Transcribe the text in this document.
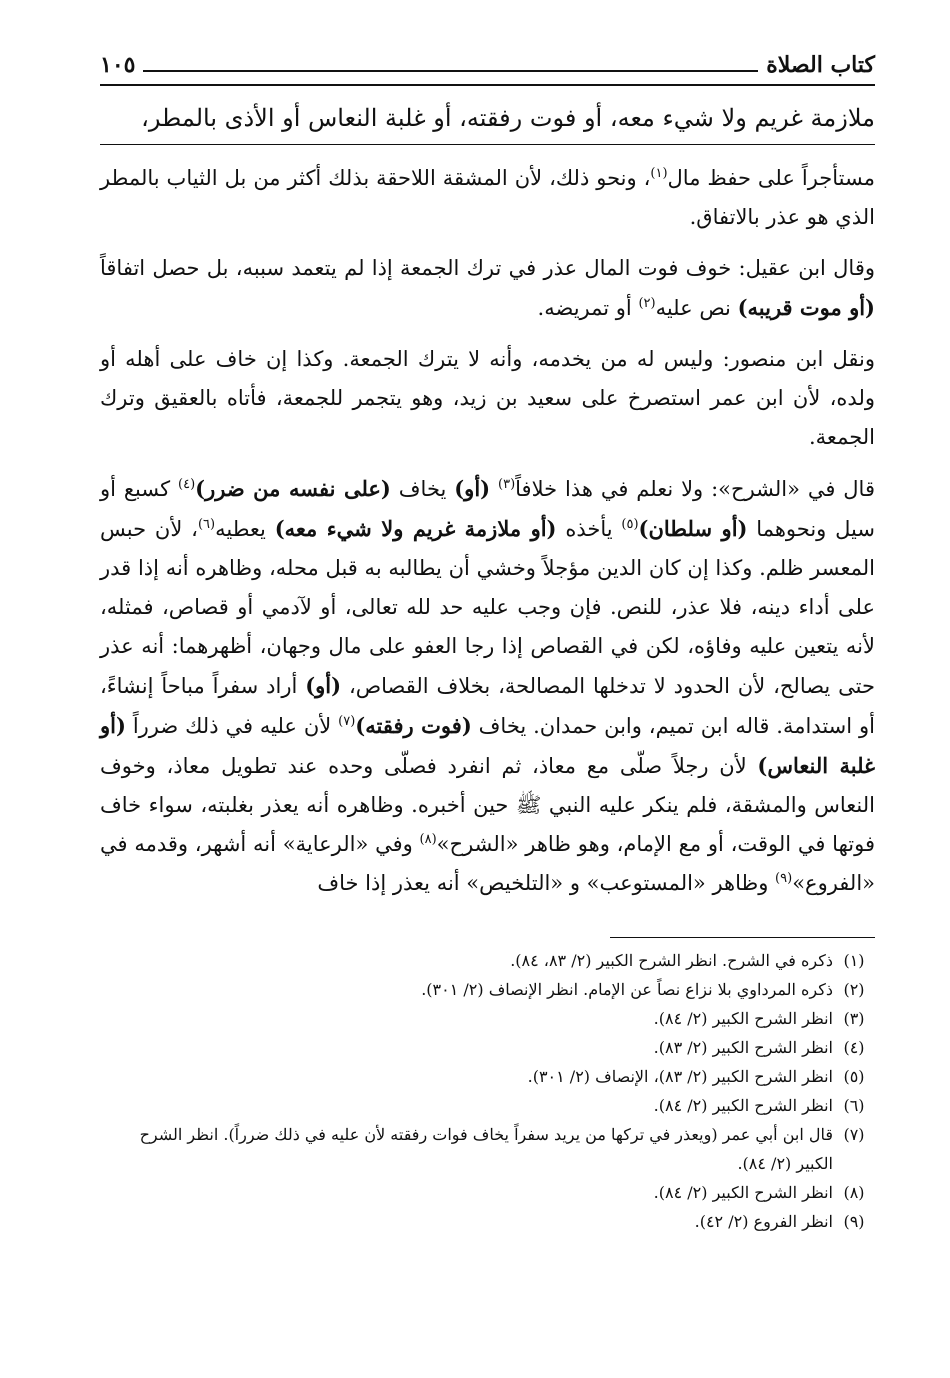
كتاب الصلاة
١٠٥
ملازمة غريم ولا شيء معه، أو فوت رفقته، أو غلبة النعاس أو الأذى بالمطر،

مستأجراً على حفظ مال$^{(١)}$، ونحو ذلك، لأن المشقة اللاحقة بذلك أكثر من بل الثياب بالمطر الذي هو عذر بالاتفاق.

وقال ابن عقيل: خوف فوت المال عذر في ترك الجمعة إذا لم يتعمد سببه، بل حصل اتفاقاً (أو موت قريبه) نص عليه$^{(٢)}$ أو تمريضه.

ونقل ابن منصور: وليس له من يخدمه، وأنه لا يترك الجمعة. وكذا إن خاف على أهله أو ولده، لأن ابن عمر استصرخ على سعيد بن زيد، وهو يتجمر للجمعة، فأتاه بالعقيق وترك الجمعة.

قال في «الشرح»: ولا نعلم في هذا خلافاً$^{(٣)}$ (أو) يخاف (على نفسه من ضرر)$^{(٤)}$ كسبع أو سيل ونحوهما (أو سلطان)$^{(٥)}$ يأخذه (أو ملازمة غريم ولا شيء معه) يعطيه$^{(٦)}$، لأن حبس المعسر ظلم. وكذا إن كان الدين مؤجلاً وخشي أن يطالبه به قبل محله، وظاهره أنه إذا قدر على أداء دينه، فلا عذر، للنص. فإن وجب عليه حد لله تعالى، أو لآدمي أو قصاص، فمثله، لأنه يتعين عليه وفاؤه، لكن في القصاص إذا رجا العفو على مال وجهان، أظهرهما: أنه عذر حتى يصالح، لأن الحدود لا تدخلها المصالحة، بخلاف القصاص، (أو) أراد سفراً مباحاً إنشاءً، أو استدامة. قاله ابن تميم، وابن حمدان. يخاف (فوت رفقته)$^{(٧)}$ لأن عليه في ذلك ضرراً (أو غلبة النعاس) لأن رجلاً صلّى مع معاذ، ثم انفرد فصلّى وحده عند تطويل معاذ، وخوف النعاس والمشقة، فلم ينكر عليه النبي ﷺ حين أخبره. وظاهره أنه يعذر بغلبته، سواء خاف فوتها في الوقت، أو مع الإمام، وهو ظاهر «الشرح»$^{(٨)}$ وفي «الرعاية» أنه أشهر، وقدمه في «الفروع»$^{(٩)}$ وظاهر «المستوعب» و «التلخيص» أنه يعذر إذا خاف

(١)
ذكره في الشرح. انظر الشرح الكبير (٢/ ٨٣، ٨٤).
(٢)
ذكره المرداوي بلا نزاع نصاً عن الإمام. انظر الإنصاف (٢/ ٣٠١).
(٣)
انظر الشرح الكبير (٢/ ٨٤).
(٤)
انظر الشرح الكبير (٢/ ٨٣).
(٥)
انظر الشرح الكبير (٢/ ٨٣)، الإنصاف (٢/ ٣٠١).
(٦)
انظر الشرح الكبير (٢/ ٨٤).
(٧)
قال ابن أبي عمر (ويعذر في تركها من يريد سفراً يخاف فوات رفقته لأن عليه في ذلك ضرراً). انظر الشرح الكبير (٢/ ٨٤).
(٨)
انظر الشرح الكبير (٢/ ٨٤).
(٩)
انظر الفروع (٢/ ٤٢).
